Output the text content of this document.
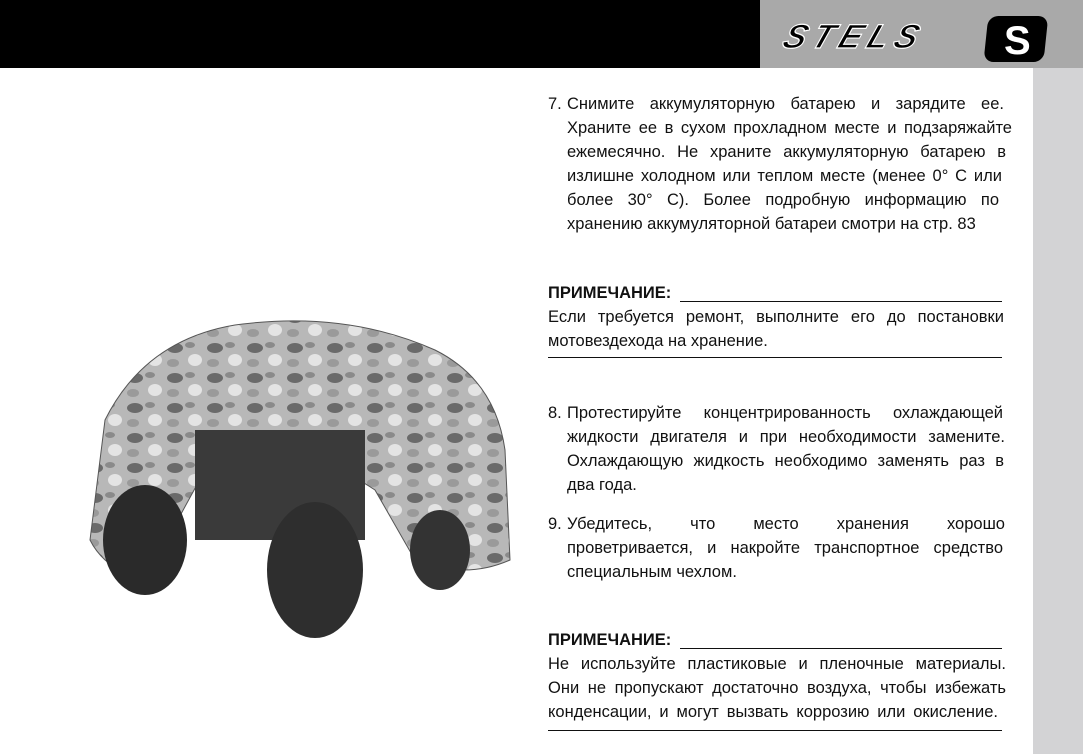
STELS S
7. Снимите аккумуляторную батарею и зарядите ее.
Храните ее в сухом прохладном месте и подзаряжайте
ежемесячно. Не храните аккумуляторную батарею в
излишне холодном или теплом месте (менее 0° С или
более 30° С). Более подробную информацию по
хранению аккумуляторной батареи смотри на стр. 83
ПРИМЕЧАНИЕ:
Если требуется ремонт, выполните его до постановки
мотовездехода на хранение.
8. Протестируйте концентрированность охлаждающей
жидкости двигателя и при необходимости замените.
Охлаждающую жидкость необходимо заменять раз в
два года.
9. Убедитесь, что место хранения хорошо
проветривается, и накройте транспортное средство
специальным чехлом.
ПРИМЕЧАНИЕ:
Не используйте пластиковые и пленочные материалы.
Они не пропускают достаточно воздуха, чтобы избежать
конденсации, и могут вызвать коррозию или окисление.
